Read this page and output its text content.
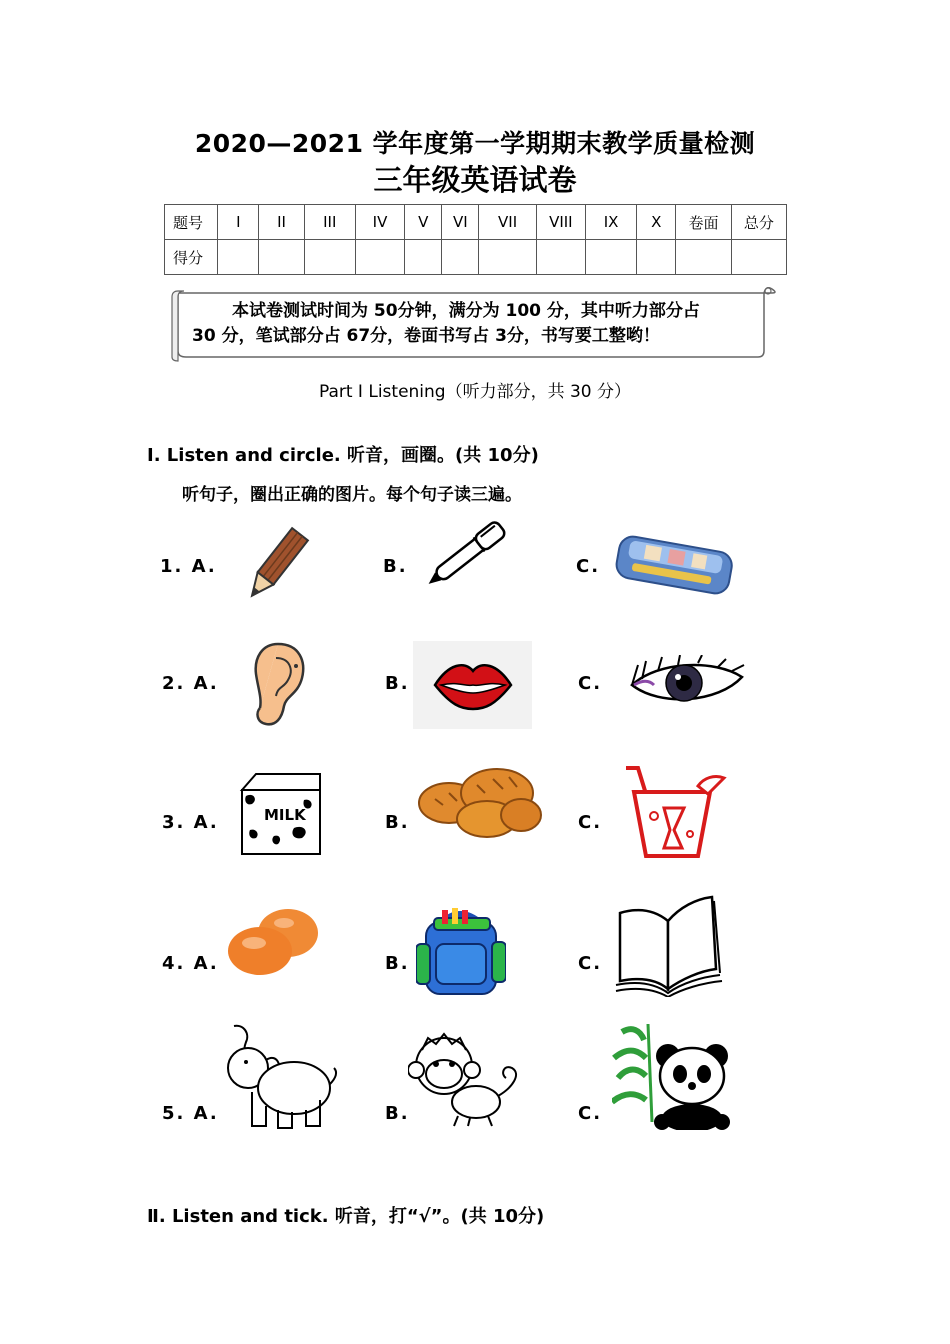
2020—2021 学年度第一学期期末教学质量检测
三年级英语试卷
题号	I	II	III	IV	V	VI	VII	VIII	IX	X	卷面	总分
得分												
本试卷测试时间为 50分钟，满分为 100 分，其中听力部分占
30 分，笔试部分占 67分，卷面书写占 3分，书写要工整哟！
Part Ⅰ Listening（听力部分，共 30 分）
Ⅰ. Listen and circle. 听音，画圈。(共 10分)
听句子，圈出正确的图片。每个句子读三遍。
1. A.	B.	C.
2. A.	B.	C.
3. A.	B.	C.
4. A.	B.	C.
5. A.	B.	C.
MILK
Ⅱ. Listen and tick. 听音，打“√”。(共 10分)
